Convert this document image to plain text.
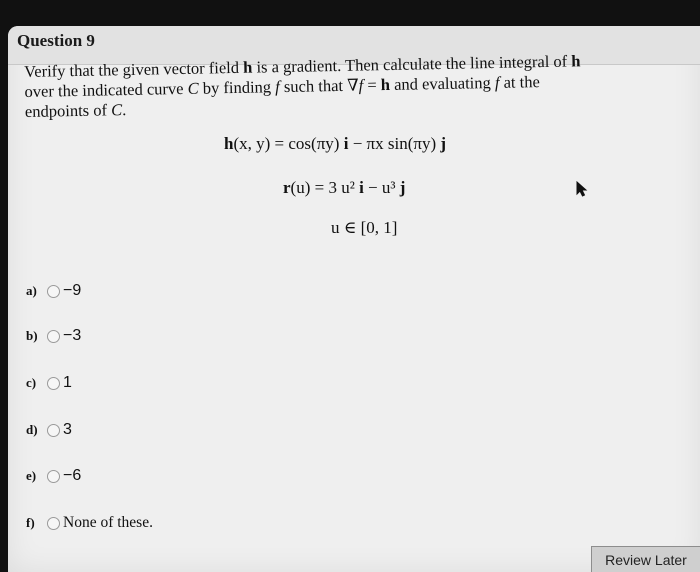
Question 9
Verify that the given vector field h is a gradient. Then calculate the line integral of h
over the indicated curve C by finding f such that ∇f = h and evaluating f at the
endpoints of C.
h(x, y) = cos(πy) i − πx sin(πy) j
r(u) = 3 u² i − u³ j
u ∈ [0, 1]
a)	−9
b) −3
c)	1
d) 3
e)	−6
f)	None of these.
Review Later
